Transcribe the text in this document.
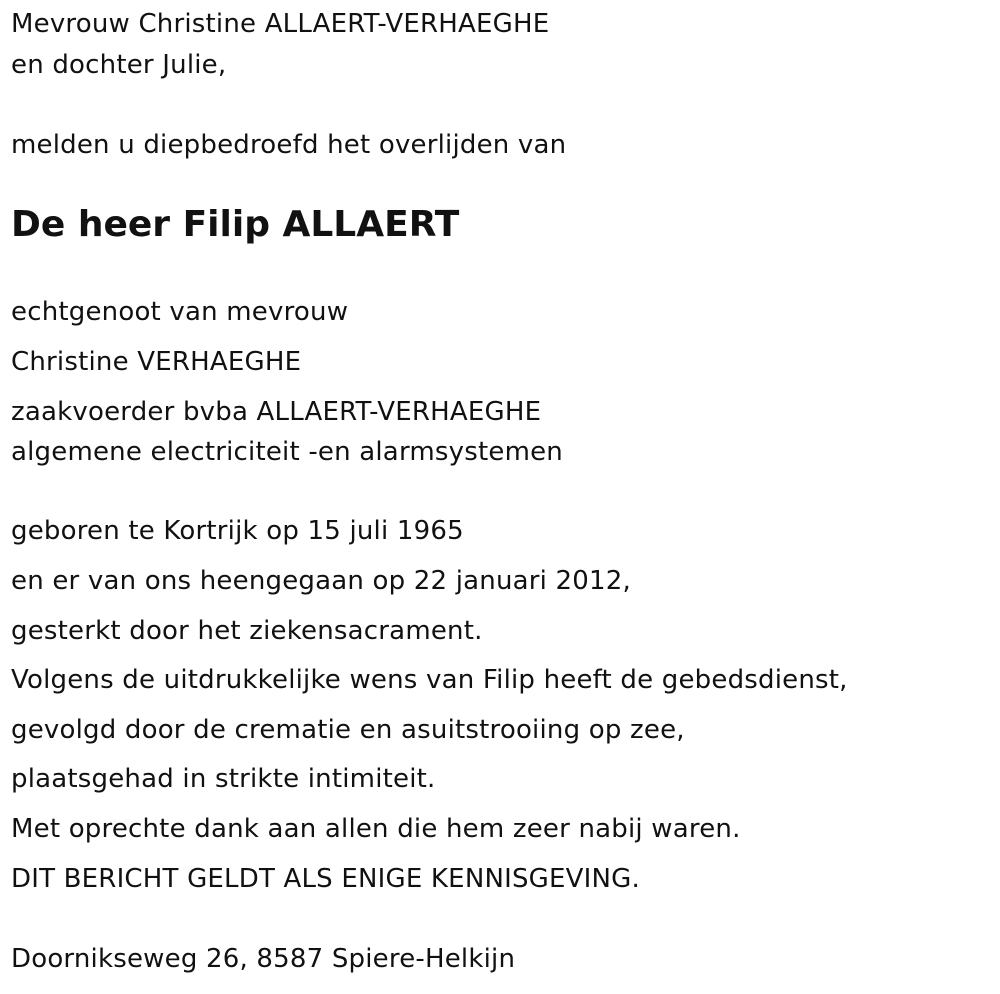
Mevrouw Christine ALLAERT-VERHAEGHE
en dochter Julie,
melden u diepbedroefd het overlijden van
De heer Filip ALLAERT
echtgenoot van mevrouw
Christine VERHAEGHE
zaakvoerder bvba ALLAERT-VERHAEGHE
algemene electriciteit -en alarmsystemen
geboren te Kortrijk op 15 juli 1965
en er van ons heengegaan op 22 januari 2012,
gesterkt door het ziekensacrament.
Volgens de uitdrukkelijke wens van Filip heeft de gebedsdienst,
gevolgd door de crematie en asuitstrooiing op zee,
plaatsgehad in strikte intimiteit.
Met oprechte dank aan allen die hem zeer nabij waren.
DIT BERICHT GELDT ALS ENIGE KENNISGEVING.
Doornikseweg 26, 8587 Spiere-Helkijn
